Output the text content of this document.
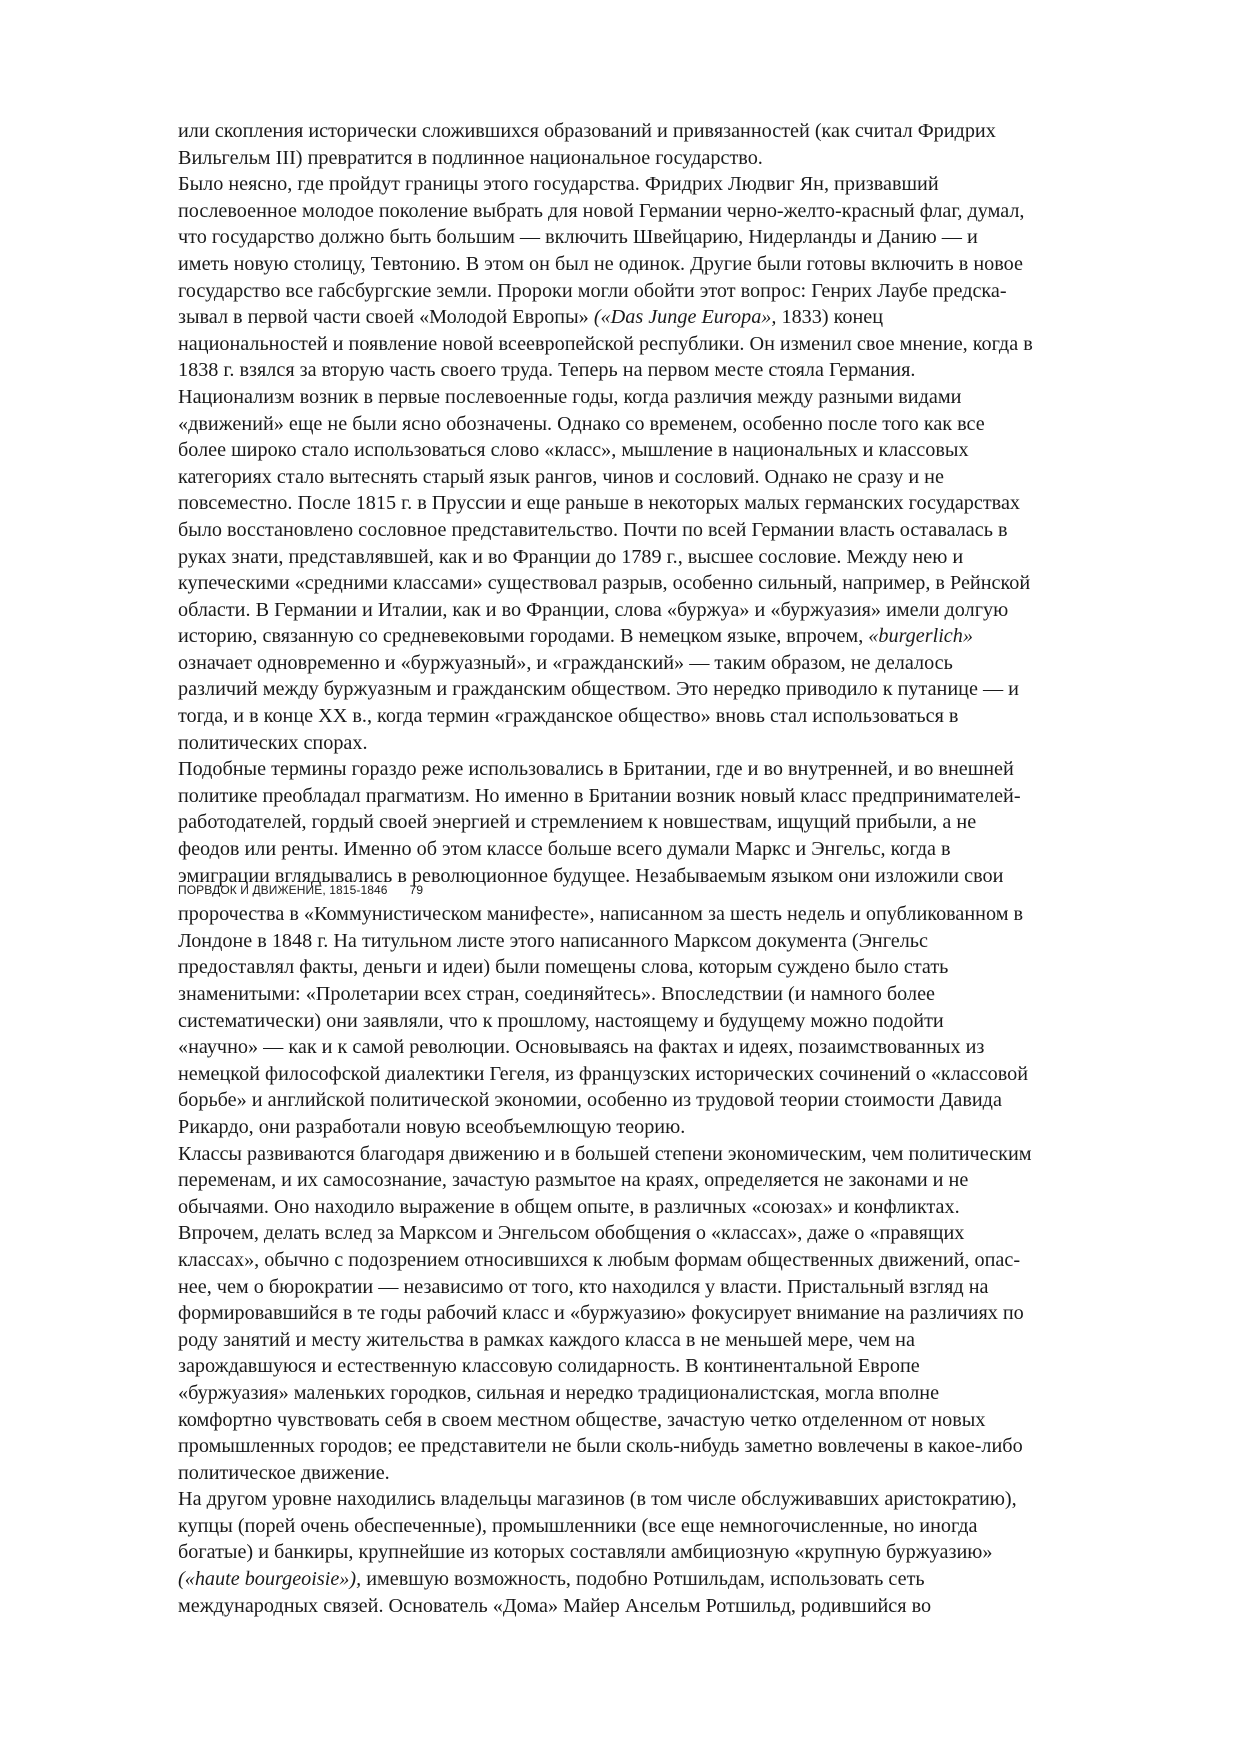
или скопления исторически сложившихся образований и привязанностей (как считал Фридрих
Вильгельм III) превратится в подлинное национальное государство.
Было неясно, где пройдут границы этого государства. Фридрих Людвиг Ян, призвавший
послевоенное молодое поколение выбрать для новой Германии черно-желто-красный флаг, думал,
что государство должно быть большим — включить Швейцарию, Нидерланды и Данию — и
иметь новую столицу, Тевтонию. В этом он был не одинок. Другие были готовы включить в новое
государство все габсбургские земли. Пророки могли обойти этот вопрос: Генрих Лаубе предска-
зывал в первой части своей «Молодой Европы» («Das Junge Europa», 1833) конец
национальностей и появление новой всеевропейской республики. Он изменил свое мнение, когда в
1838 г. взялся за вторую часть своего труда. Теперь на первом месте стояла Германия.
Национализм возник в первые послевоенные годы, когда различия между разными видами
«движений» еще не были ясно обозначены. Однако со временем, особенно после того как все
более широко стало использоваться слово «класс», мышление в национальных и классовых
категориях стало вытеснять старый язык рангов, чинов и сословий. Однако не сразу и не
повсеместно. После 1815 г. в Пруссии и еще раньше в некоторых малых германских государствах
было восстановлено сословное представительство. Почти по всей Германии власть оставалась в
руках знати, представлявшей, как и во Франции до 1789 г., высшее сословие. Между нею и
купеческими «средними классами» существовал разрыв, особенно сильный, например, в Рейнской
области. В Германии и Италии, как и во Франции, слова «буржуа» и «буржуазия» имели долгую
историю, связанную со средневековыми городами. В немецком языке, впрочем, «burgerlich»
означает одновременно и «буржуазный», и «гражданский» — таким образом, не делалось
различий между буржуазным и гражданским обществом. Это нередко приводило к путанице — и
тогда, и в конце XX в., когда термин «гражданское общество» вновь стал использоваться в
политических спорах.
Подобные термины гораздо реже использовались в Британии, где и во внутренней, и во внешней
политике преобладал прагматизм. Но именно в Британии возник новый класс предпринимателей-
работодателей, гордый своей энергией и стремлением к новшествам, ищущий прибыли, а не
феодов или ренты. Именно об этом классе больше всего думали Маркс и Энгельс, когда в
эмиграции вглядывались в революционное будущее. Незабываемым языком они изложили свои
ПОРВДОК И ДВИЖЕНИЕ, 1815-1846 79
пророчества в «Коммунистическом манифесте», написанном за шесть недель и опубликованном в
Лондоне в 1848 г. На титульном листе этого написанного Марксом документа (Энгельс
предоставлял факты, деньги и идеи) были помещены слова, которым суждено было стать
знаменитыми: «Пролетарии всех стран, соединяйтесь». Впоследствии (и намного более
систематически) они заявляли, что к прошлому, настоящему и будущему можно подойти
«научно» — как и к самой революции. Основываясь на фактах и идеях, позаимствованных из
немецкой философской диалектики Гегеля, из французских исторических сочинений о «классовой
борьбе» и английской политической экономии, особенно из трудовой теории стоимости Давида
Рикардо, они разработали новую всеобъемлющую теорию.
Классы развиваются благодаря движению и в большей степени экономическим, чем политическим
переменам, и их самосознание, зачастую размытое на краях, определяется не законами и не
обычаями. Оно находило выражение в общем опыте, в различных «союзах» и конфликтах.
Впрочем, делать вслед за Марксом и Энгельсом обобщения о «классах», даже о «правящих
классах», обычно с подозрением относившихся к любым формам общественных движений, опас-
нее, чем о бюрократии — независимо от того, кто находился у власти. Пристальный взгляд на
формировавшийся в те годы рабочий класс и «буржуазию» фокусирует внимание на различиях по
роду занятий и месту жительства в рамках каждого класса в не меньшей мере, чем на
зарождавшуюся и естественную классовую солидарность. В континентальной Европе
«буржуазия» маленьких городков, сильная и нередко традиционалистская, могла вполне
комфортно чувствовать себя в своем местном обществе, зачастую четко отделенном от новых
промышленных городов; ее представители не были сколь-нибудь заметно вовлечены в какое-либо
политическое движение.
На другом уровне находились владельцы магазинов (в том числе обслуживавших аристократию),
купцы (порей очень обеспеченные), промышленники (все еще немногочисленные, но иногда
богатые) и банкиры, крупнейшие из которых составляли амбициозную «крупную буржуазию»
(«haute bourgeoisie»), имевшую возможность, подобно Ротшильдам, использовать сеть
международных связей. Основатель «Дома» Майер Ансельм Ротшильд, родившийся во
